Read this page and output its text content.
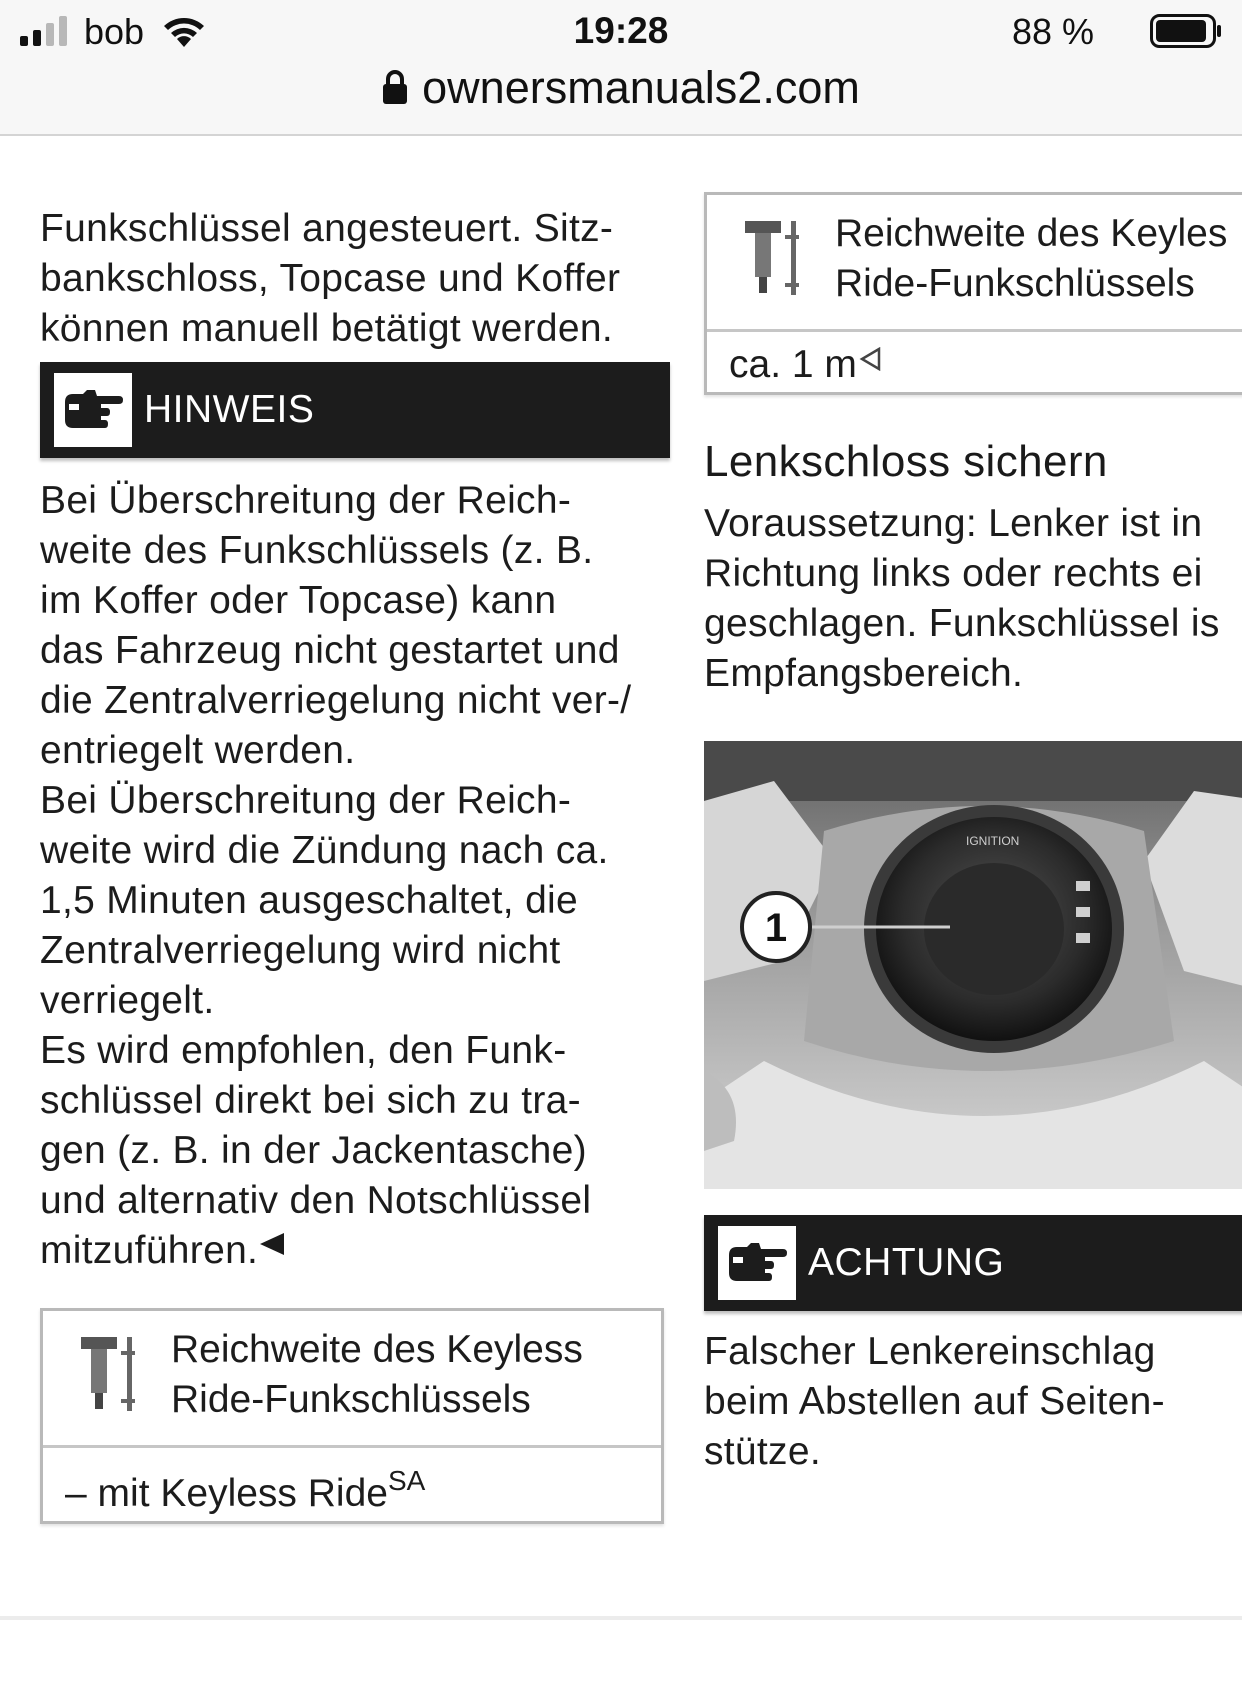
bob	19:28	88 %
ownersmanuals2.com

Funkschlüssel angesteuert. Sitz-

bankschloss, Topcase und Koffer

können manuell betätigt werden.

HINWEIS

Bei Überschreitung der Reich-

weite des Funkschlüssels (z. B.

im Koffer oder Topcase) kann

das Fahrzeug nicht gestartet und

die Zentralverriegelung nicht ver-/

entriegelt werden.

Bei Überschreitung der Reich-

weite wird die Zündung nach ca.

1,5 Minuten ausgeschaltet, die

Zentralverriegelung wird nicht

verriegelt.

Es wird empfohlen, den Funk-

schlüssel direkt bei sich zu tra-

gen (z. B. in der Jackentasche)

und alternativ den Notschlüssel

mitzuführen.

Reichweite des Keyless
Ride-Funkschlüssels
– mit Keyless Ride$^{SA}$
Reichweite des Keyles
Ride-Funkschlüssels
ca. 1 m
Lenkschloss sichern

Voraussetzung: Lenker ist in

Richtung links oder rechts ei

geschlagen. Funkschlüssel is

Empfangsbereich.

IGNITION
1
ACHTUNG

Falscher Lenkereinschlag

beim Abstellen auf Seiten-

stütze.
